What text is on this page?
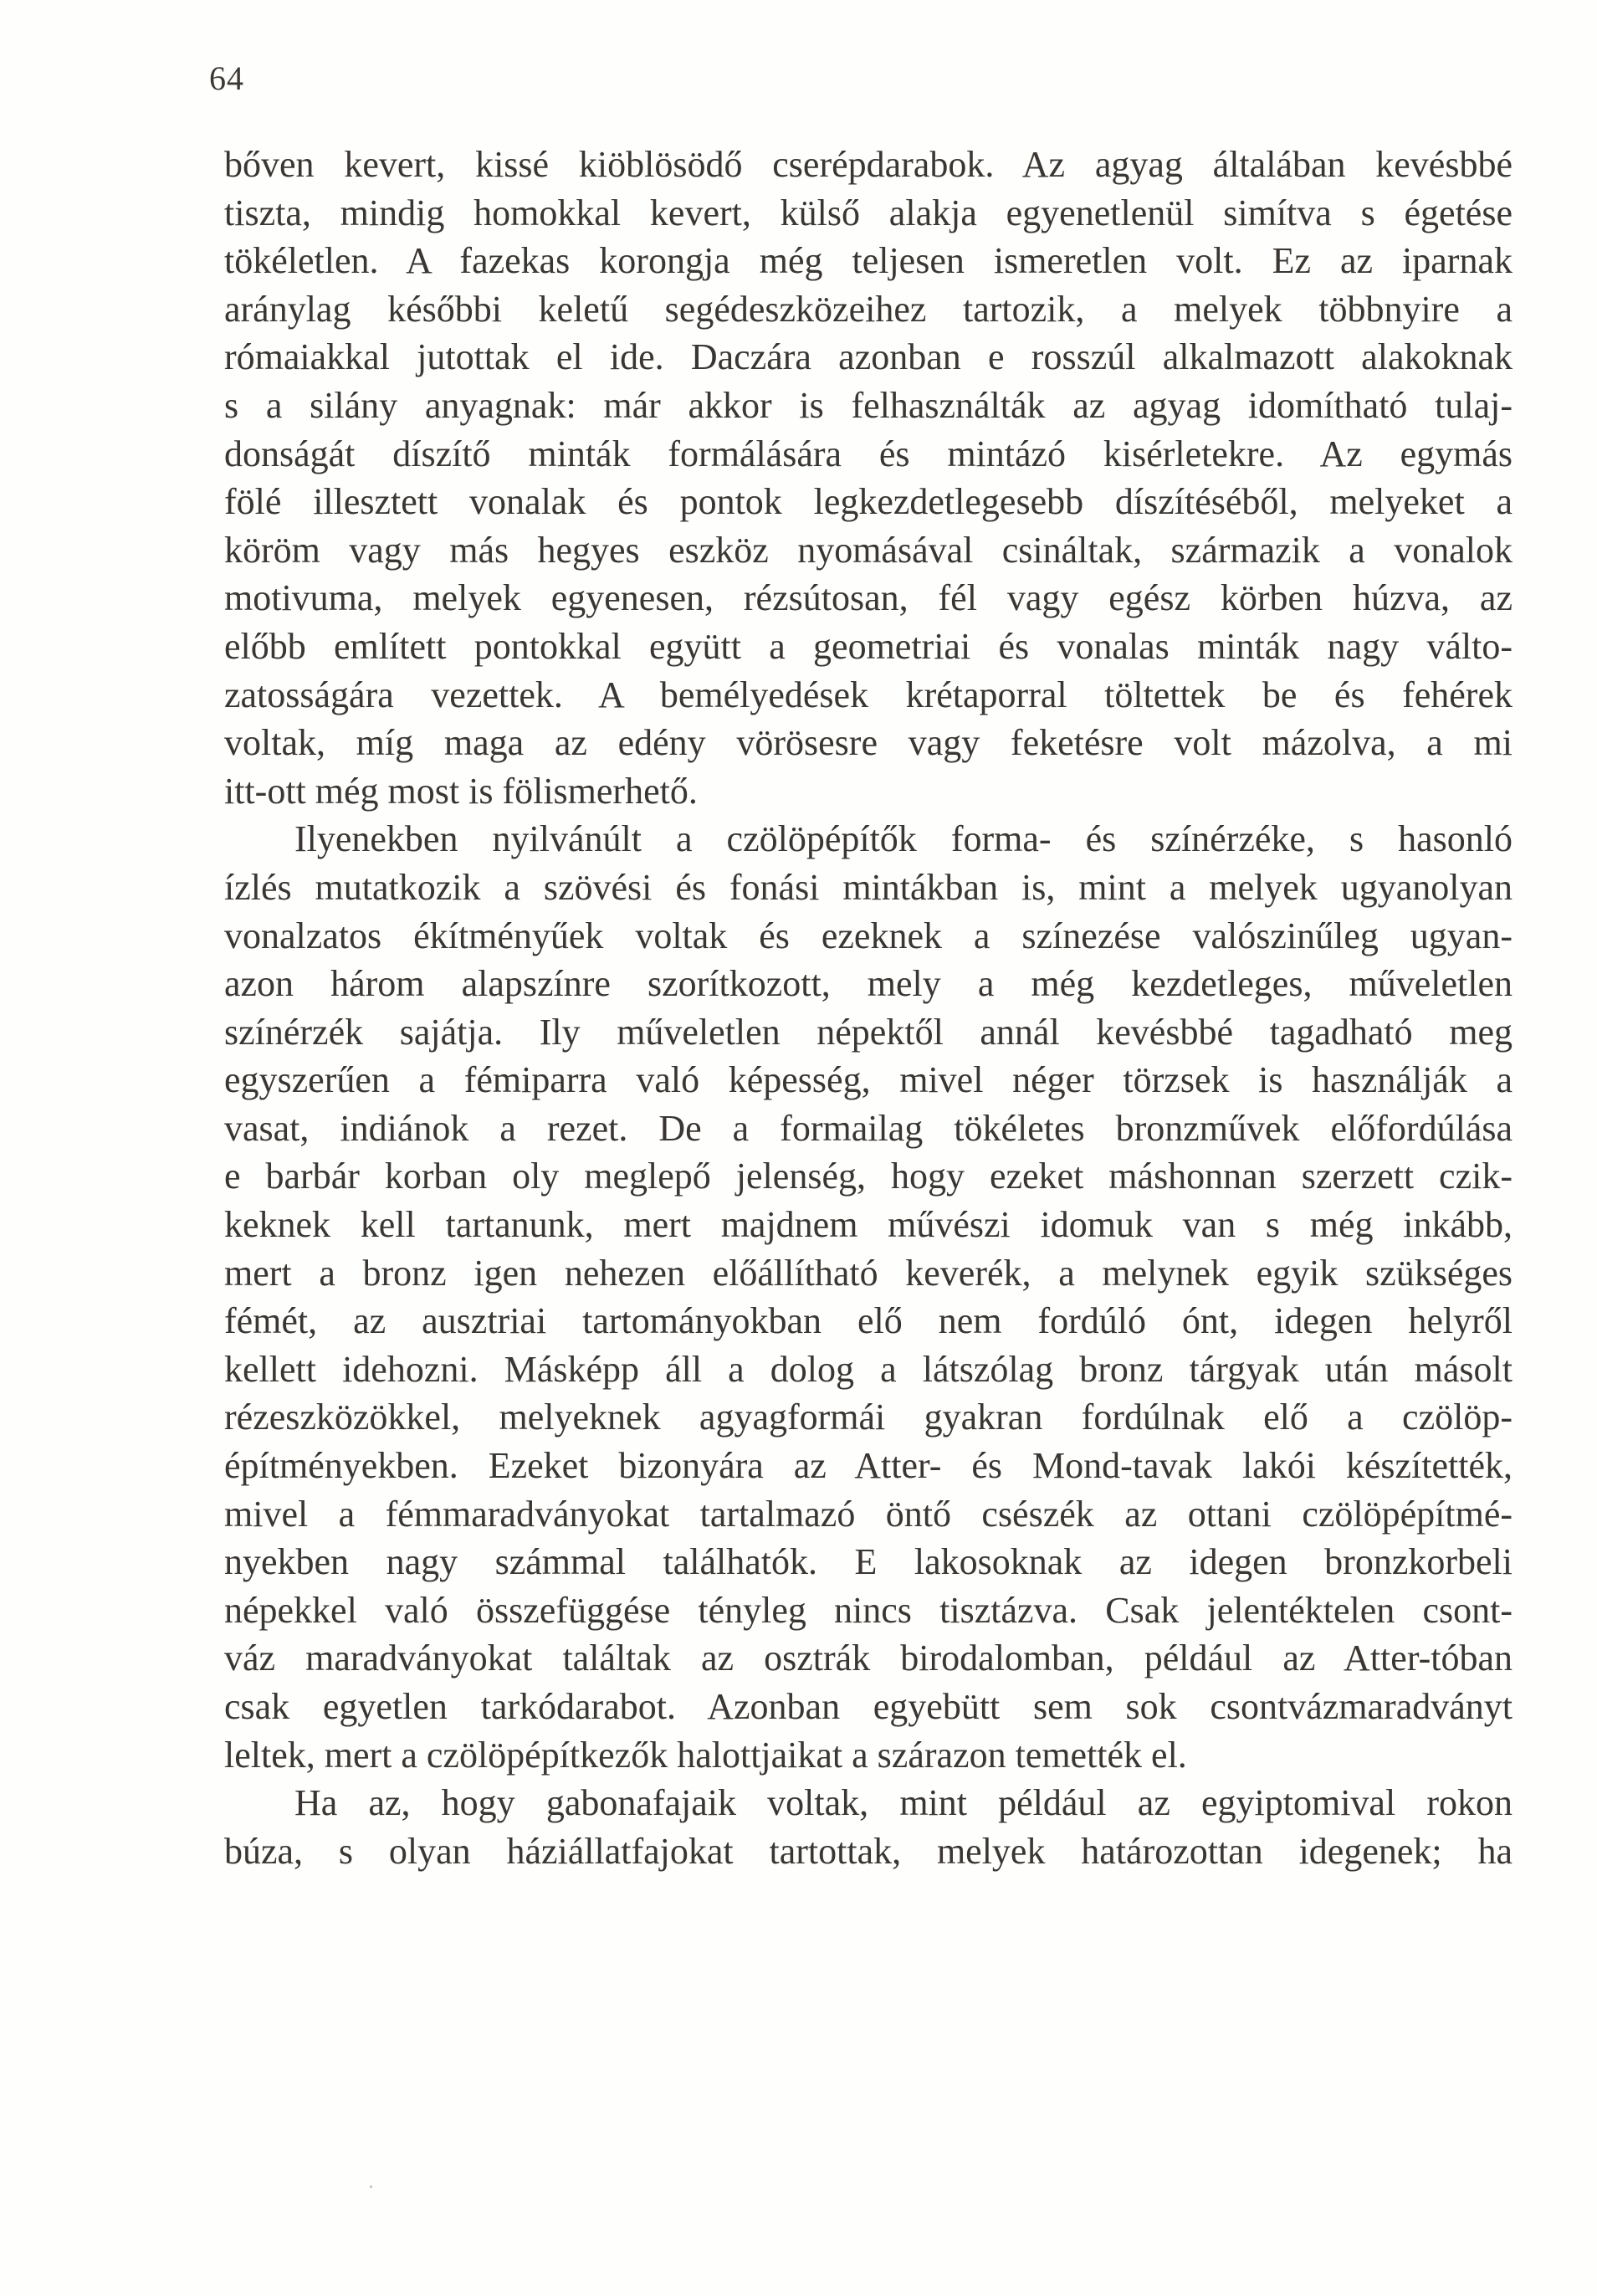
64
bőven kevert, kissé kiöblösödő cserépdarabok. Az agyag általában kevésbbé
tiszta, mindig homokkal kevert, külső alakja egyenetlenül simítva s égetése
tökéletlen. A fazekas korongja még teljesen ismeretlen volt. Ez az iparnak
aránylag későbbi keletű segédeszközeihez tartozik, a melyek többnyire a
rómaiakkal jutottak el ide. Daczára azonban e rosszúl alkalmazott alakoknak
s a silány anyagnak: már akkor is felhasználták az agyag idomítható tulaj-
donságát díszítő minták formálására és mintázó kisérletekre. Az egymás
fölé illesztett vonalak és pontok legkezdetlegesebb díszítéséből, melyeket a
köröm vagy más hegyes eszköz nyomásával csináltak, származik a vonalok
motivuma, melyek egyenesen, rézsútosan, fél vagy egész körben húzva, az
előbb említett pontokkal együtt a geometriai és vonalas minták nagy válto-
zatosságára vezettek. A bemélyedések krétaporral töltettek be és fehérek
voltak, míg maga az edény vörösesre vagy feketésre volt mázolva, a mi
itt-ott még most is fölismerhető.
Ilyenekben nyilvánúlt a czölöpépítők forma- és színérzéke, s hasonló
ízlés mutatkozik a szövési és fonási mintákban is, mint a melyek ugyanolyan
vonalzatos ékítményűek voltak és ezeknek a színezése valószinűleg ugyan-
azon három alapszínre szorítkozott, mely a még kezdetleges, műveletlen
színérzék sajátja. Ily műveletlen népektől annál kevésbbé tagadható meg
egyszerűen a fémiparra való képesség, mivel néger törzsek is használják a
vasat, indiánok a rezet. De a formailag tökéletes bronzművek előfordúlása
e barbár korban oly meglepő jelenség, hogy ezeket máshonnan szerzett czik-
keknek kell tartanunk, mert majdnem művészi idomuk van s még inkább,
mert a bronz igen nehezen előállítható keverék, a melynek egyik szükséges
fémét, az ausztriai tartományokban elő nem fordúló ónt, idegen helyről
kellett idehozni. Másképp áll a dolog a látszólag bronz tárgyak után másolt
rézeszközökkel, melyeknek agyagformái gyakran fordúlnak elő a czölöp-
építményekben. Ezeket bizonyára az Atter- és Mond-tavak lakói készítették,
mivel a fémmaradványokat tartalmazó öntő csészék az ottani czölöpépítmé-
nyekben nagy számmal találhatók. E lakosoknak az idegen bronzkorbeli
népekkel való összefüggése tényleg nincs tisztázva. Csak jelentéktelen csont-
váz maradványokat találtak az osztrák birodalomban, például az Atter-tóban
csak egyetlen tarkódarabot. Azonban egyebütt sem sok csontvázmaradványt
leltek, mert a czölöpépítkezők halottjaikat a szárazon temették el.
Ha az, hogy gabonafajaik voltak, mint például az egyiptomival rokon
búza, s olyan háziállatfajokat tartottak, melyek határozottan idegenek; ha
